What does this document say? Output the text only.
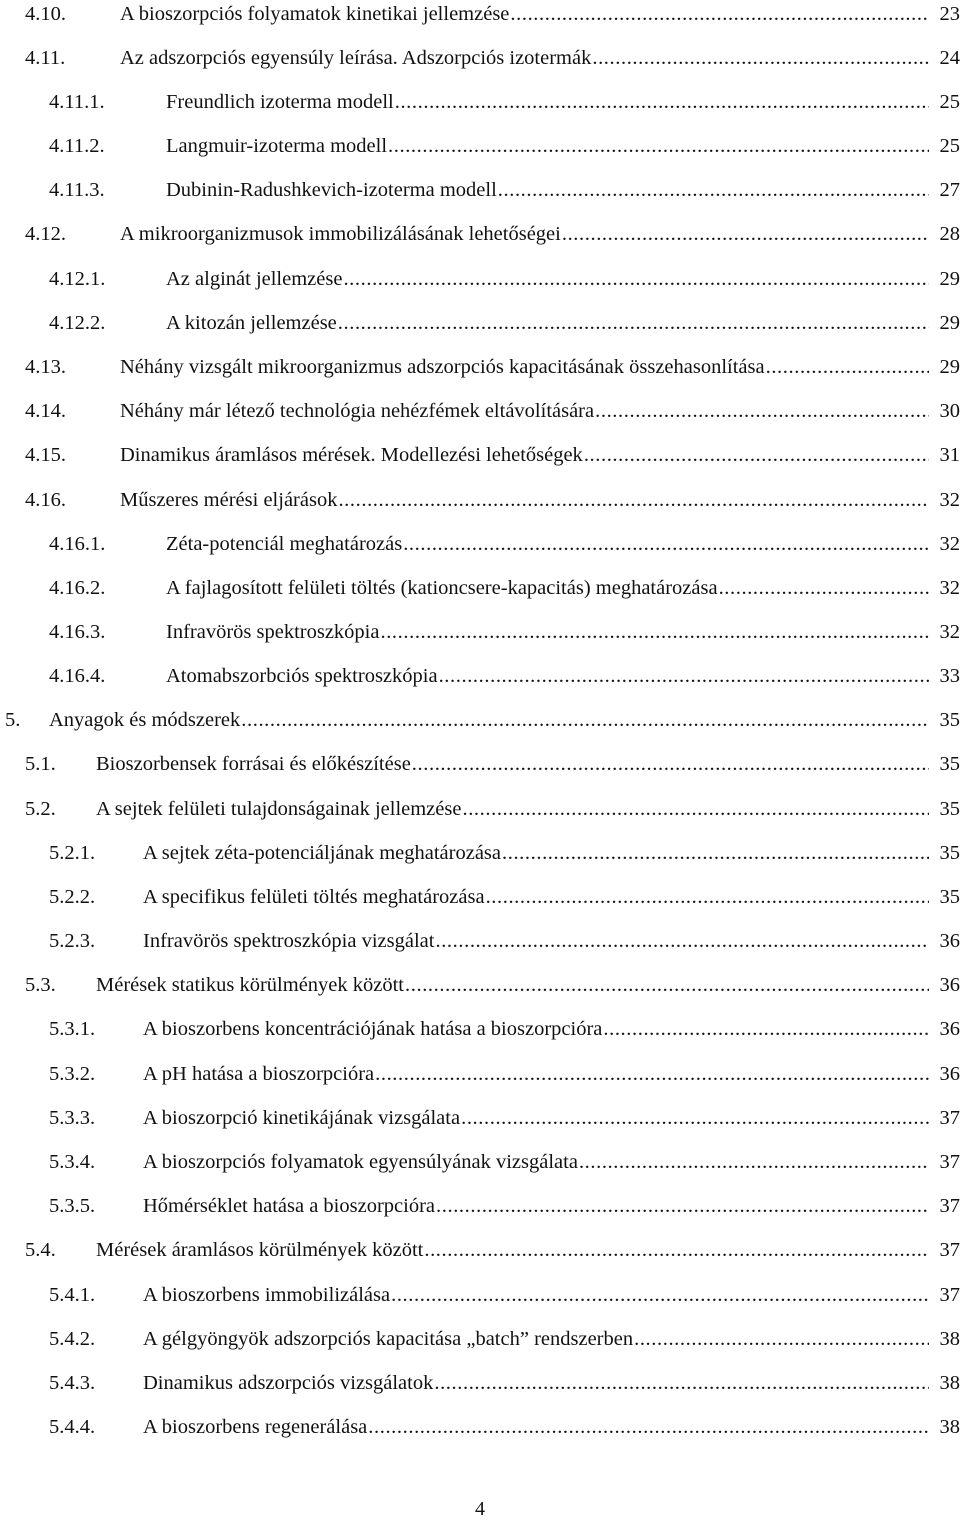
4.10.	A bioszorpciós folyamatok kinetikai jellemzése .....	23
4.11.	Az adszorpciós egyensúly leírása. Adszorpciós izotermák .....	24
4.11.1.	Freundlich izoterma modell .....	25
4.11.2.	Langmuir-izoterma modell .....	25
4.11.3.	Dubinin-Radushkevich-izoterma modell .....	27
4.12.	A mikroorganizmusok immobilizálásának lehetőségei .....	28
4.12.1.	Az alginát jellemzése .....	29
4.12.2.	A kitozán jellemzése .....	29
4.13.	Néhány vizsgált mikroorganizmus adszorpciós kapacitásának összehasonlítása .....	29
4.14.	Néhány már létező technológia nehézfémek eltávolítására .....	30
4.15.	Dinamikus áramlásos mérések. Modellezési lehetőségek .....	31
4.16.	Műszeres mérési eljárások .....	32
4.16.1.	Zéta-potenciál meghatározás .....	32
4.16.2.	A fajlagosított felületi töltés (kationcsere-kapacitás) meghatározása .....	32
4.16.3.	Infravörös spektroszkópia .....	32
4.16.4.	Atomabszorbciós spektroszkópia .....	33
5. Anyagok és módszerek .....	35
5.1. Bioszorbensek forrásai és előkészítése .....	35
5.2. A sejtek felületi tulajdonságainak jellemzése .....	35
5.2.1. A sejtek zéta-potenciáljának meghatározása .....	35
5.2.2. A specifikus felületi töltés meghatározása .....	35
5.2.3. Infravörös spektroszkópia vizsgálat .....	36
5.3. Mérések statikus körülmények között .....	36
5.3.1. A bioszorbens koncentrációjának hatása a bioszorpcióra .....	36
5.3.2. A pH hatása a bioszorpcióra .....	36
5.3.3. A bioszorpció kinetikájának vizsgálata .....	37
5.3.4. A bioszorpciós folyamatok egyensúlyának vizsgálata .....	37
5.3.5. Hőmérséklet hatása a bioszorpcióra .....	37
5.4. Mérések áramlásos körülmények között .....	37
5.4.1. A bioszorbens immobilizálása .....	37
5.4.2. A gélgyöngyök adszorpciós kapacitása „batch” rendszerben .....	38
5.4.3. Dinamikus adszorpciós vizsgálatok .....	38
5.4.4. A bioszorbens regenerálása .....	38
4
